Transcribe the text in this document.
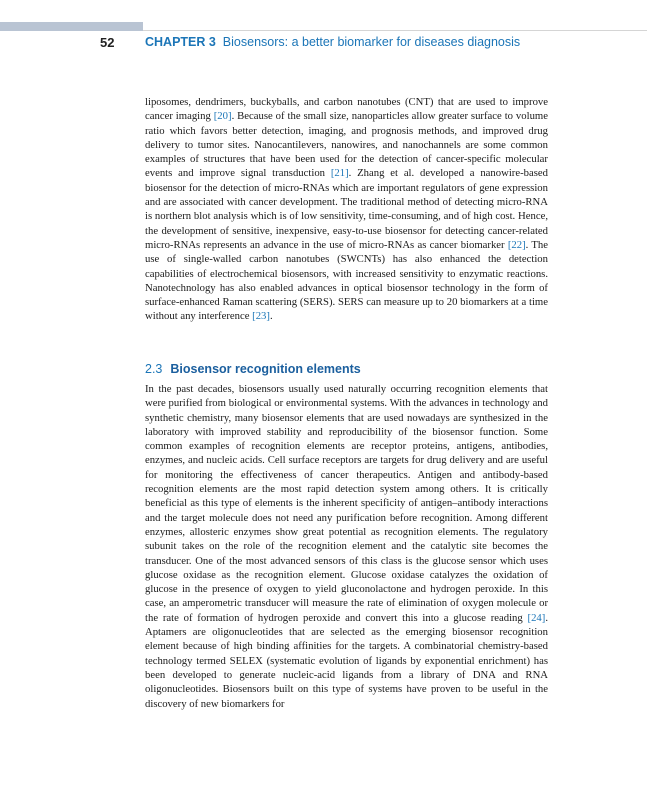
52 CHAPTER 3 Biosensors: a better biomarker for diseases diagnosis

liposomes, dendrimers, buckyballs, and carbon nanotubes (CNT) that are used to improve cancer imaging [20]. Because of the small size, nanoparticles allow greater surface to volume ratio which favors better detection, imaging, and prognosis methods, and improved drug delivery to tumor sites. Nanocantilevers, nanowires, and nanochannels are some common examples of structures that have been used for the detection of cancer-specific molecular events and improve signal transduction [21]. Zhang et al. developed a nanowire-based biosensor for the detection of micro-RNAs which are important regulators of gene expression and are associated with cancer development. The traditional method of detecting micro-RNA is northern blot analysis which is of low sensitivity, time-consuming, and of high cost. Hence, the development of sensitive, inexpensive, easy-to-use biosensor for detecting cancer-related micro-RNAs represents an advance in the use of micro-RNAs as cancer biomarker [22]. The use of single-walled carbon nanotubes (SWCNTs) has also enhanced the detection capabilities of electrochemical biosensors, with increased sensitivity to enzymatic reactions. Nanotechnology has also enabled advances in optical biosensor technology in the form of surface-enhanced Raman scattering (SERS). SERS can measure up to 20 biomarkers at a time without any interference [23].

2.3 Biosensor recognition elements

In the past decades, biosensors usually used naturally occurring recognition elements that were purified from biological or environmental systems. With the advances in technology and synthetic chemistry, many biosensor elements that are used nowadays are synthesized in the laboratory with improved stability and reproducibility of the biosensor function. Some common examples of recognition elements are receptor proteins, antigens, antibodies, enzymes, and nucleic acids. Cell surface receptors are targets for drug delivery and are useful for monitoring the effectiveness of cancer therapeutics. Antigen and antibody-based recognition elements are the most rapid detection system among others. It is critically beneficial as this type of elements is the inherent specificity of antigen–antibody interactions and the target molecule does not need any purification before recognition. Among different enzymes, allosteric enzymes show great potential as recognition elements. The regulatory subunit takes on the role of the recognition element and the catalytic site becomes the transducer. One of the most advanced sensors of this class is the glucose sensor which uses glucose oxidase as the recognition element. Glucose oxidase catalyzes the oxidation of glucose in the presence of oxygen to yield gluconolactone and hydrogen peroxide. In this case, an amperometric transducer will measure the rate of elimination of oxygen molecule or the rate of formation of hydrogen peroxide and convert this into a glucose reading [24]. Aptamers are oligonucleotides that are selected as the emerging biosensor recognition element because of high binding affinities for the targets. A combinatorial chemistry-based technology termed SELEX (systematic evolution of ligands by exponential enrichment) has been developed to generate nucleic-acid ligands from a library of DNA and RNA oligonucleotides. Biosensors built on this type of systems have proven to be useful in the discovery of new biomarkers for
